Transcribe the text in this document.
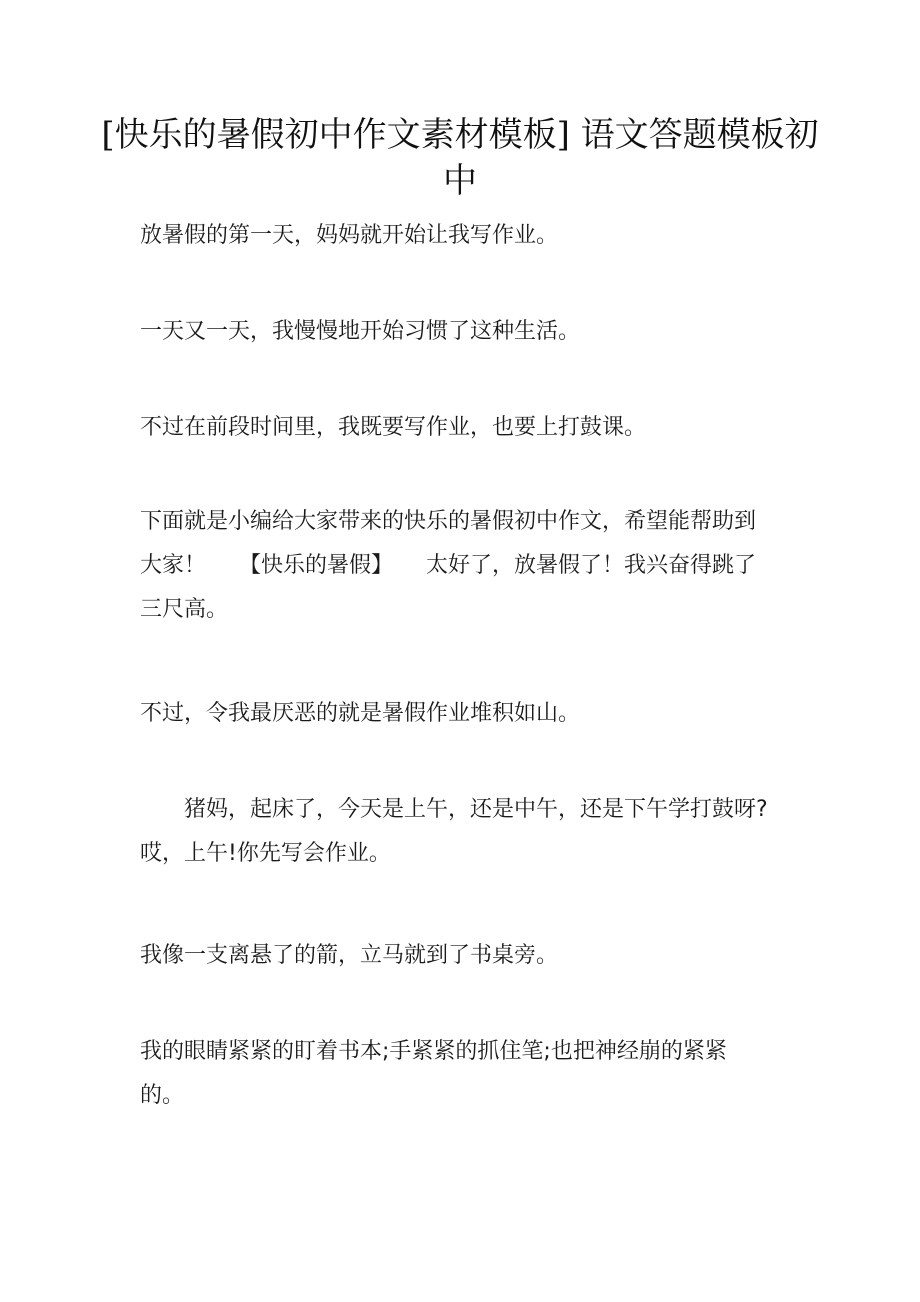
[快乐的暑假初中作文素材模板] 语文答题模板初中

放暑假的第一天，妈妈就开始让我写作业。

一天又一天，我慢慢地开始习惯了这种生活。

不过在前段时间里，我既要写作业，也要上打鼓课。

下面就是小编给大家带来的快乐的暑假初中作文，希望能帮助到大家！　　【快乐的暑假】　　太好了，放暑假了！我兴奋得跳了三尺高。

不过，令我最厌恶的就是暑假作业堆积如山。

猪妈，起床了，今天是上午，还是中午，还是下午学打鼓呀?哎，上午!你先写会作业。

我像一支离悬了的箭，立马就到了书桌旁。

我的眼睛紧紧的盯着书本;手紧紧的抓住笔;也把神经崩的紧紧的。
